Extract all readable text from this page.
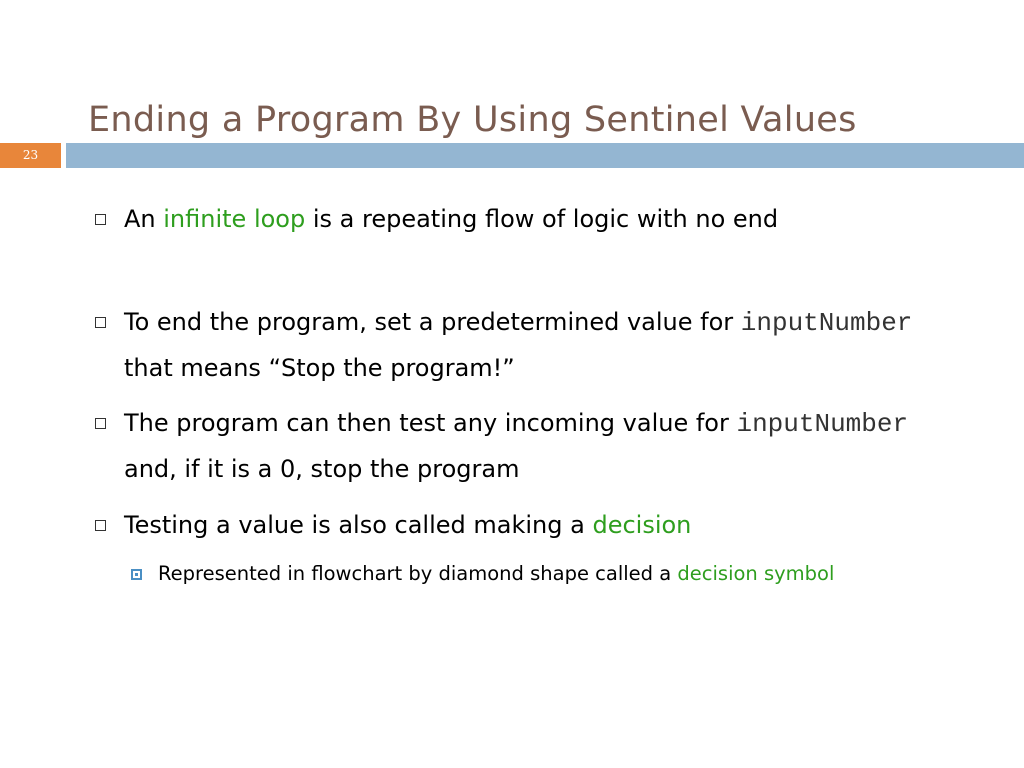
Ending a Program By Using Sentinel Values
23
An infinite loop is a repeating flow of logic with no end
To end the program, set a predetermined value for inputNumber that means “Stop the program!”
The program can then test any incoming value for inputNumber and, if it is a 0, stop the program
Testing a value is also called making a decision
Represented in flowchart by diamond shape called a decision symbol
